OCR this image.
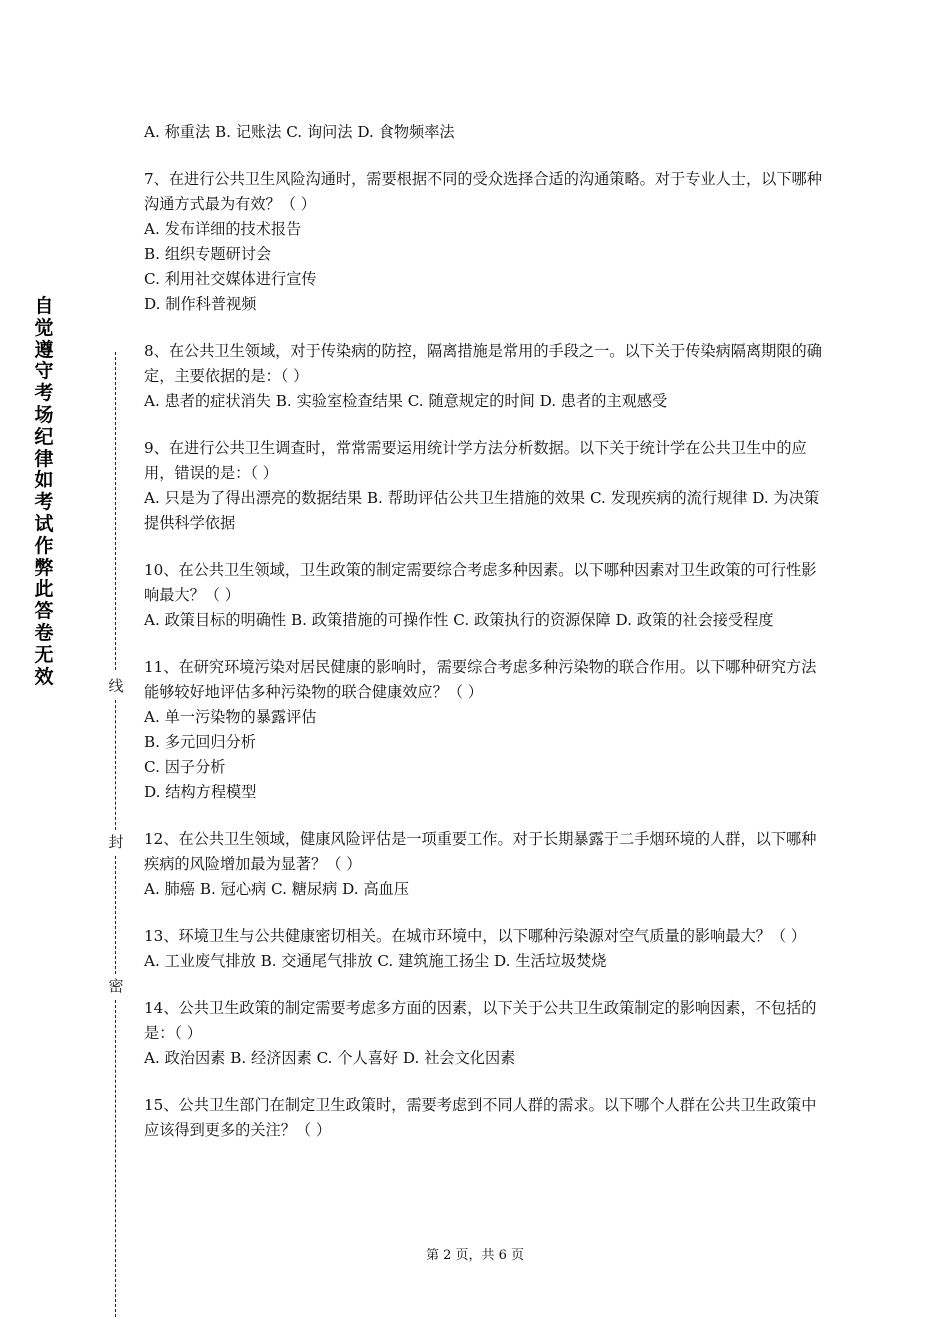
自
觉
遵
守
考
场
纪
律
如
考
试
作
弊
此
答
卷
无
效	线
封
密

A. 称重法 B. 记账法 C. 询问法 D. 食物频率法

7、在进行公共卫生风险沟通时，需要根据不同的受众选择合适的沟通策略。对于专业人士，以下哪种沟通方式最为有效？（ ）

A. 发布详细的技术报告

B. 组织专题研讨会

C. 利用社交媒体进行宣传

D. 制作科普视频

8、在公共卫生领域，对于传染病的防控，隔离措施是常用的手段之一。以下关于传染病隔离期限的确定，主要依据的是：（ ）

A. 患者的症状消失 B. 实验室检查结果 C. 随意规定的时间 D. 患者的主观感受

9、在进行公共卫生调查时，常常需要运用统计学方法分析数据。以下关于统计学在公共卫生中的应用，错误的是：（ ）

A. 只是为了得出漂亮的数据结果 B. 帮助评估公共卫生措施的效果 C. 发现疾病的流行规律 D. 为决策提供科学依据

10、在公共卫生领域，卫生政策的制定需要综合考虑多种因素。以下哪种因素对卫生政策的可行性影响最大？（ ）

A. 政策目标的明确性 B. 政策措施的可操作性 C. 政策执行的资源保障 D. 政策的社会接受程度

11、在研究环境污染对居民健康的影响时，需要综合考虑多种污染物的联合作用。以下哪种研究方法能够较好地评估多种污染物的联合健康效应？（ ）

A. 单一污染物的暴露评估

B. 多元回归分析

C. 因子分析

D. 结构方程模型

12、在公共卫生领域，健康风险评估是一项重要工作。对于长期暴露于二手烟环境的人群，以下哪种疾病的风险增加最为显著？（ ）

A. 肺癌 B. 冠心病 C. 糖尿病 D. 高血压

13、环境卫生与公共健康密切相关。在城市环境中，以下哪种污染源对空气质量的影响最大？（ ）

A. 工业废气排放 B. 交通尾气排放 C. 建筑施工扬尘 D. 生活垃圾焚烧

14、公共卫生政策的制定需要考虑多方面的因素，以下关于公共卫生政策制定的影响因素，不包括的是：（ ）

A. 政治因素 B. 经济因素 C. 个人喜好 D. 社会文化因素

15、公共卫生部门在制定卫生政策时，需要考虑到不同人群的需求。以下哪个人群在公共卫生政策中应该得到更多的关注？（ ）

第 2 页，共 6 页
